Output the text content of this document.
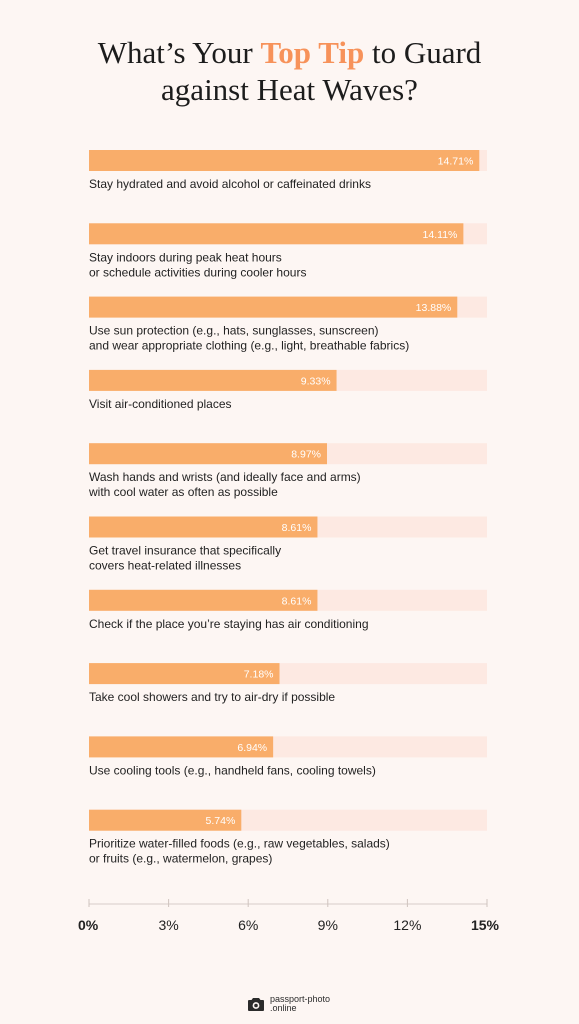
What’s Your Top Tip to Guard
against Heat Waves?
14.71%
Stay hydrated and avoid alcohol or caffeinated drinks
14.11%
Stay indoors during peak heat hours
or schedule activities during cooler hours
13.88%
Use sun protection (e.g., hats, sunglasses, sunscreen)
and wear appropriate clothing (e.g., light, breathable fabrics)
9.33%
Visit air-conditioned places
8.97%
Wash hands and wrists (and ideally face and arms)
with cool water as often as possible
8.61%
Get travel insurance that specifically
covers heat-related illnesses
8.61%
Check if the place you’re staying has air conditioning
7.18%
Take cool showers and try to air-dry if possible
6.94%
Use cooling tools (e.g., handheld fans, cooling towels)
5.74%
Prioritize water-filled foods (e.g., raw vegetables, salads)
or fruits (e.g., watermelon, grapes)
0%	3%	6%	9%	12%	15%
passport-photo
.online
